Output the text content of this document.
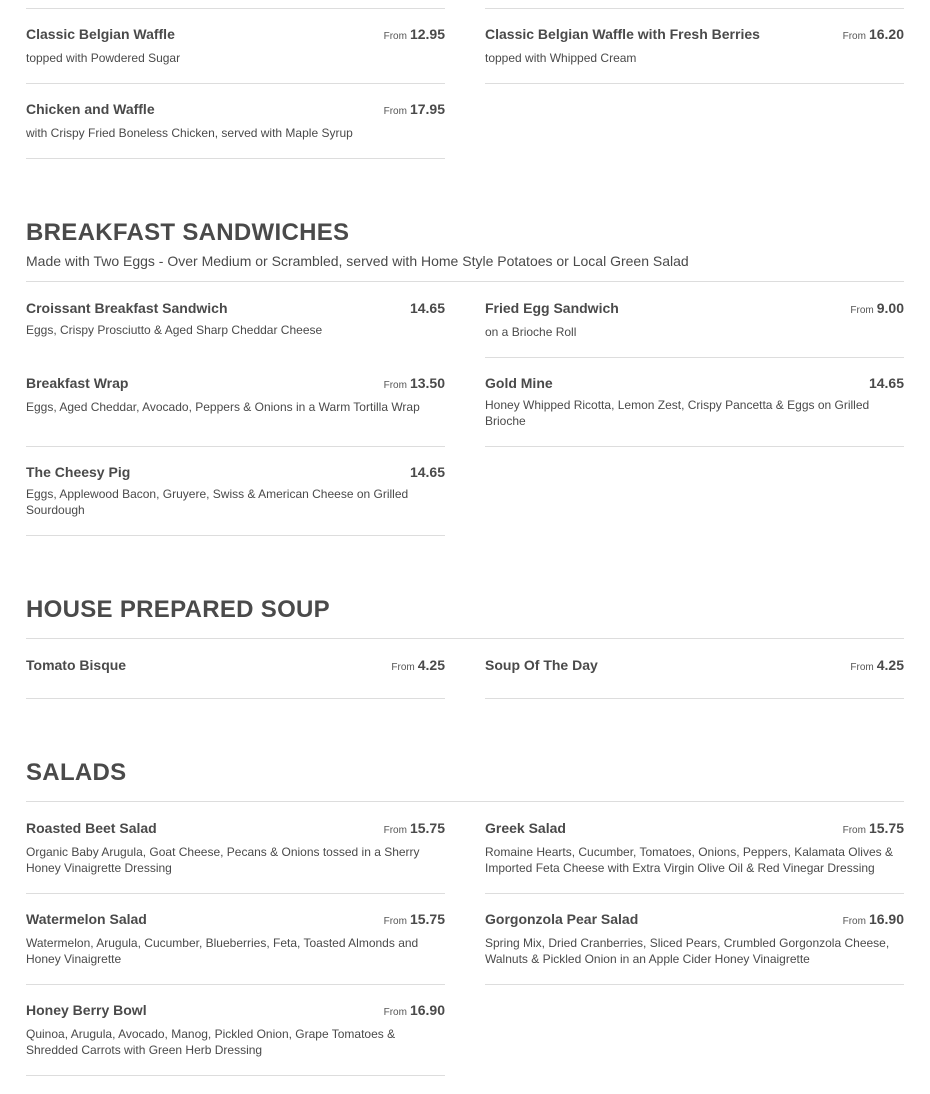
Classic Belgian Waffle	From 12.95
topped with Powdered Sugar
Classic Belgian Waffle with Fresh Berries	From 16.20
topped with Whipped Cream
Chicken and Waffle	From 17.95
with Crispy Fried Boneless Chicken, served with Maple Syrup
BREAKFAST SANDWICHES
Made with Two Eggs - Over Medium or Scrambled, served with Home Style Potatoes or Local Green Salad
Croissant Breakfast Sandwich	14.65
Eggs, Crispy Prosciutto & Aged Sharp Cheddar Cheese
Fried Egg Sandwich	From 9.00
on a Brioche Roll
Breakfast Wrap	From 13.50
Eggs, Aged Cheddar, Avocado, Peppers & Onions in a Warm Tortilla Wrap
Gold Mine	14.65
Honey Whipped Ricotta, Lemon Zest, Crispy Pancetta & Eggs on Grilled Brioche
The Cheesy Pig	14.65
Eggs, Applewood Bacon, Gruyere, Swiss & American Cheese on Grilled Sourdough
HOUSE PREPARED SOUP
Tomato Bisque	From 4.25	Soup Of The Day	From 4.25
SALADS
Roasted Beet Salad	From 15.75
Organic Baby Arugula, Goat Cheese, Pecans & Onions tossed in a Sherry Honey Vinaigrette Dressing
Greek Salad	From 15.75
Romaine Hearts, Cucumber, Tomatoes, Onions, Peppers, Kalamata Olives & Imported Feta Cheese with Extra Virgin Olive Oil & Red Vinegar Dressing
Watermelon Salad	From 15.75
Watermelon, Arugula, Cucumber, Blueberries, Feta, Toasted Almonds and Honey Vinaigrette
Gorgonzola Pear Salad	From 16.90
Spring Mix, Dried Cranberries, Sliced Pears, Crumbled Gorgonzola Cheese, Walnuts & Pickled Onion in an Apple Cider Honey Vinaigrette
Honey Berry Bowl	From 16.90
Quinoa, Arugula, Avocado, Manog, Pickled Onion, Grape Tomatoes & Shredded Carrots with Green Herb Dressing
